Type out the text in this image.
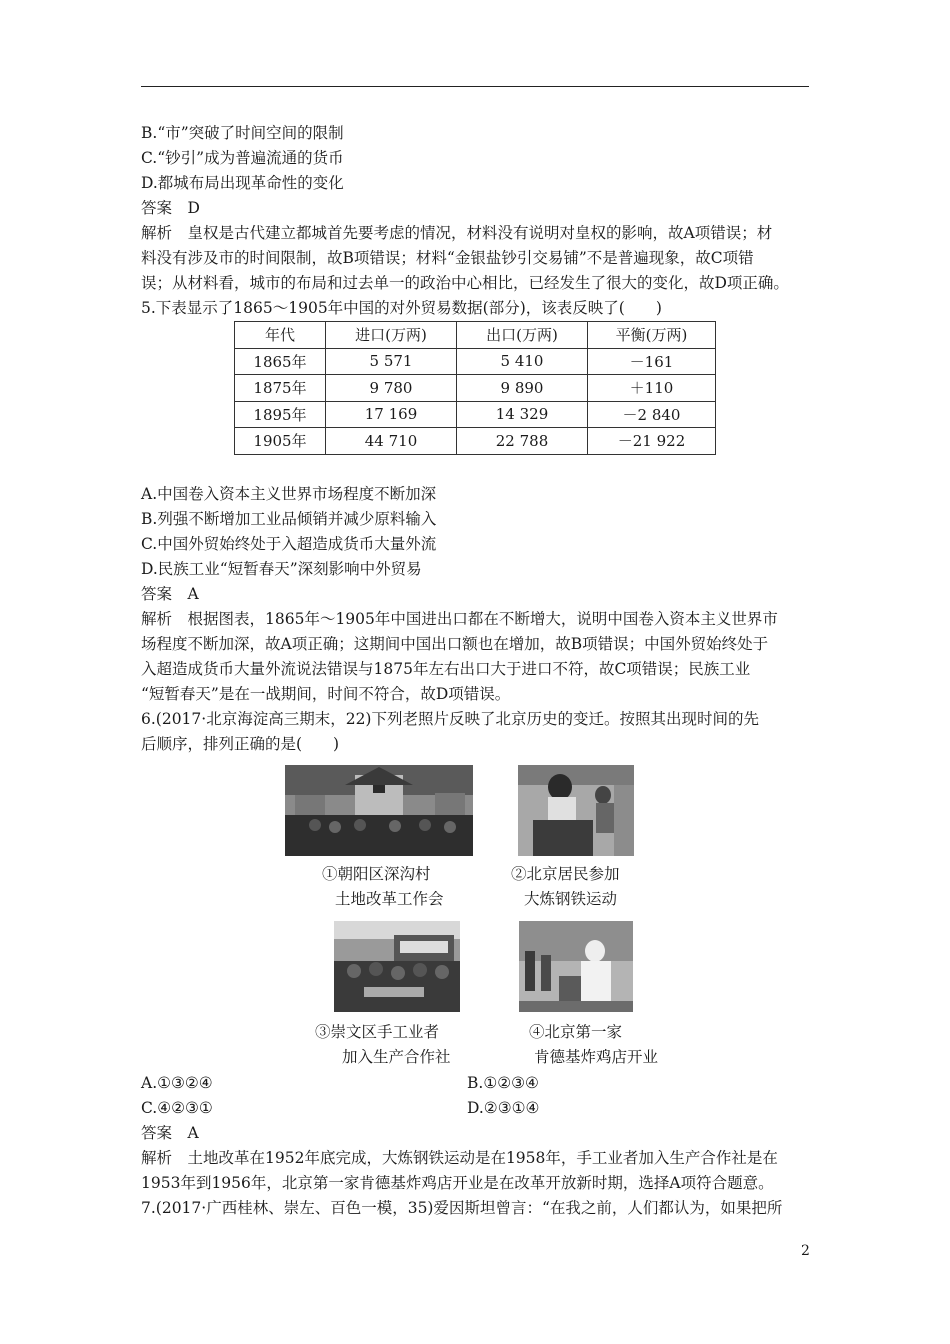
B.“市”突破了时间空间的限制
C.“钞引”成为普遍流通的货币
D.都城布局出现革命性的变化
答案　D
解析　皇权是古代建立都城首先要考虑的情况，材料没有说明对皇权的影响，故A项错误；材
料没有涉及市的时间限制，故B项错误；材料“金银盐钞引交易铺”不是普遍现象，故C项错
误；从材料看，城市的布局和过去单一的政治中心相比，已经发生了很大的变化，故D项正确。
5.下表显示了1865～1905年中国的对外贸易数据(部分)，该表反映了(　　)
年代	进口(万两)	出口(万两)	平衡(万两)
1865年	5 571	5 410	－161
1875年	9 780	9 890	＋110
1895年	17 169	14 329	－2 840
1905年	44 710	22 788	－21 922
A.中国卷入资本主义世界市场程度不断加深
B.列强不断增加工业品倾销并减少原料输入
C.中国外贸始终处于入超造成货币大量外流
D.民族工业“短暂春天”深刻影响中外贸易
答案　A
解析　根据图表，1865年～1905年中国进出口都在不断增大，说明中国卷入资本主义世界市
场程度不断加深，故A项正确；这期间中国出口额也在增加，故B项错误；中国外贸始终处于
入超造成货币大量外流说法错误与1875年左右出口大于进口不符，故C项错误；民族工业
“短暂春天”是在一战期间，时间不符合，故D项错误。
6.(2017·北京海淀高三期末，22)下列老照片反映了北京历史的变迁。按照其出现时间的先
后顺序，排列正确的是(　　)
①朝阳区深沟村
土地改革工作会
②北京居民参加
大炼钢铁运动
③崇文区手工业者
加入生产合作社
④北京第一家
肯德基炸鸡店开业
A.①③②④	B.①②③④
C.④②③①	D.②③①④
答案　A
解析　土地改革在1952年底完成，大炼钢铁运动是在1958年，手工业者加入生产合作社是在
1953年到1956年，北京第一家肯德基炸鸡店开业是在改革开放新时期，选择A项符合题意。
7.(2017·广西桂林、崇左、百色一模，35)爱因斯坦曾言：“在我之前，人们都认为，如果把所
2
